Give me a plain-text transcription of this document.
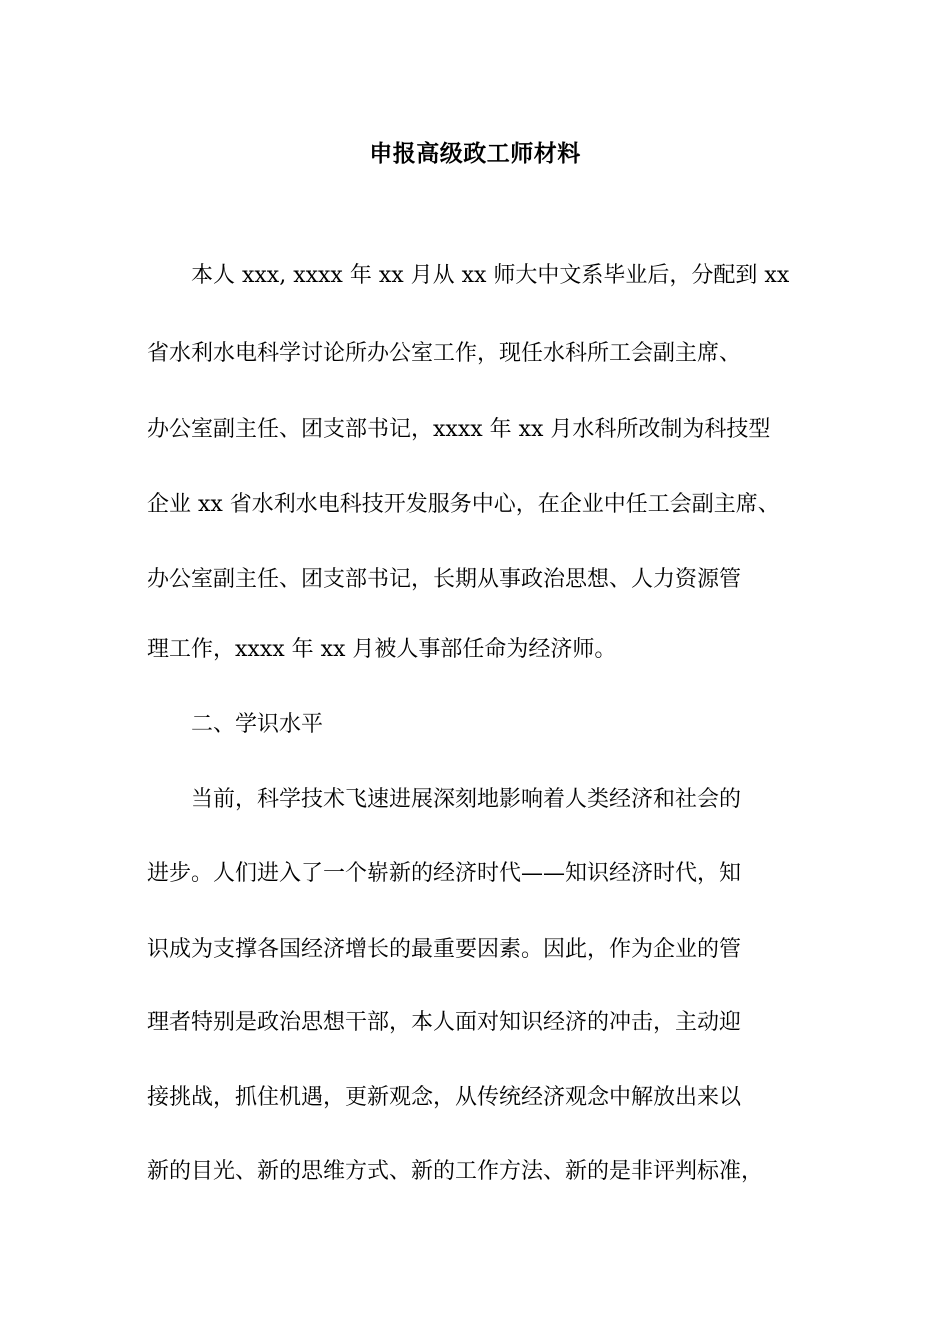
申报高级政工师材料
本人 xxx, xxxx 年 xx 月从 xx 师大中文系毕业后，分配到 xx
省水利水电科学讨论所办公室工作，现任水科所工会副主席、
办公室副主任、团支部书记，xxxx 年 xx 月水科所改制为科技型
企业 xx 省水利水电科技开发服务中心，在企业中任工会副主席、
办公室副主任、团支部书记，长期从事政治思想、人力资源管
理工作，xxxx 年 xx 月被人事部任命为经济师。
二、学识水平
当前，科学技术飞速进展深刻地影响着人类经济和社会的
进步。人们进入了一个崭新的经济时代——知识经济时代，知
识成为支撑各国经济增长的最重要因素。因此，作为企业的管
理者特别是政治思想干部，本人面对知识经济的冲击，主动迎
接挑战，抓住机遇，更新观念，从传统经济观念中解放出来以
新的目光、新的思维方式、新的工作方法、新的是非评判标准，
